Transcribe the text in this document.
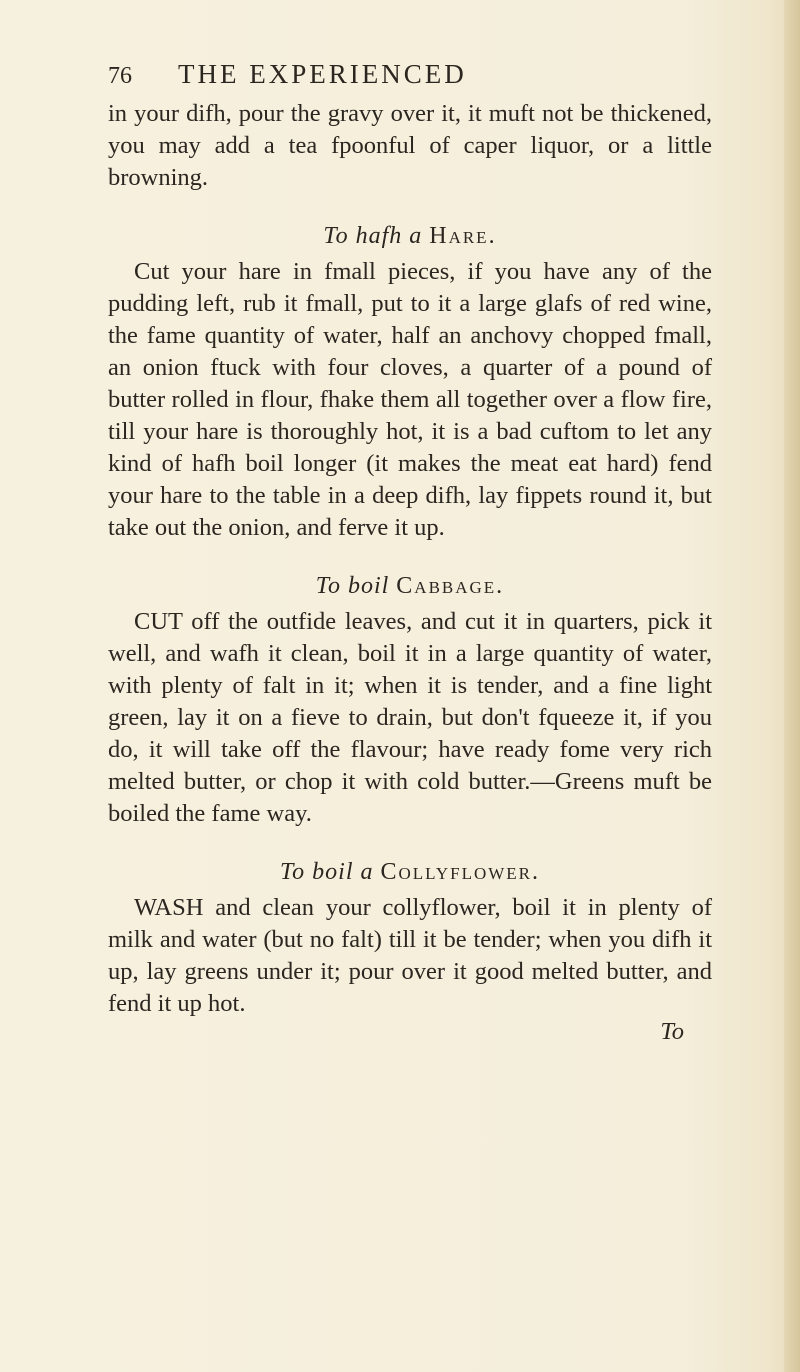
76	THE EXPERIENCED

in your difh, pour the gravy over it, it muft not be thickened, you may add a tea fpoonful of caper liquor, or a little browning.

To hafh a Hare.

Cut your hare in fmall pieces, if you have any of the pudding left, rub it fmall, put to it a large glafs of red wine, the fame quantity of water, half an anchovy chopped fmall, an onion ftuck with four cloves, a quarter of a pound of butter rolled in flour, fhake them all together over a flow fire, till your hare is thoroughly hot, it is a bad cuftom to let any kind of hafh boil longer (it makes the meat eat hard) fend your hare to the table in a deep difh, lay fippets round it, but take out the onion, and ferve it up.

To boil Cabbage.

CUT off the outfide leaves, and cut it in quarters, pick it well, and wafh it clean, boil it in a large quantity of water, with plenty of falt in it; when it is tender, and a fine light green, lay it on a fieve to drain, but don't fqueeze it, if you do, it will take off the flavour; have ready fome very rich melted butter, or chop it with cold butter.—Greens muft be boiled the fame way.

To boil a Collyflower.

WASH and clean your collyflower, boil it in plenty of milk and water (but no falt) till it be tender; when you difh it up, lay greens under it; pour over it good melted butter, and fend it up hot.

To
